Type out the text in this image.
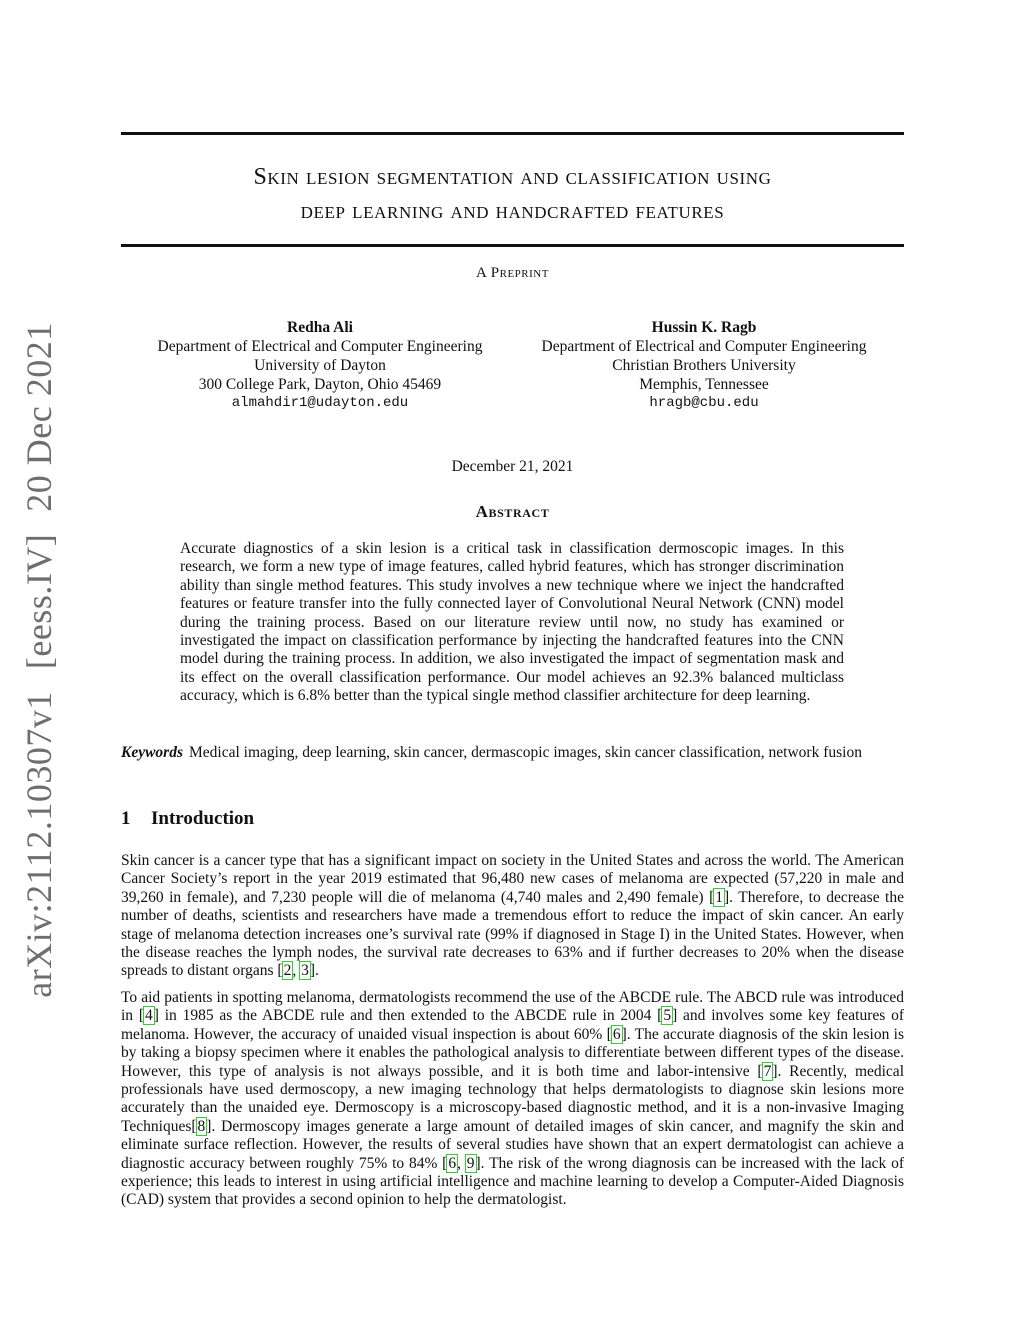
arXiv:2112.10307v1[eess.IV]20 Dec 2021
Skin lesion segmentation and classification using
deep learning and handcrafted features
A Preprint
Redha Ali
Department of Electrical and Computer Engineering
University of Dayton
300 College Park, Dayton, Ohio 45469
almahdir1@udayton.edu
Hussin K. Ragb
Department of Electrical and Computer Engineering
Christian Brothers University
Memphis, Tennessee
hragb@cbu.edu
December 21, 2021
Abstract
Accurate diagnostics of a skin lesion is a critical task in classification dermoscopic images. In this research, we form a new type of image features, called hybrid features, which has stronger discrimination ability than single method features. This study involves a new technique where we inject the handcrafted features or feature transfer into the fully connected layer of Convolutional Neural Network (CNN) model during the training process. Based on our literature review until now, no study has examined or investigated the impact on classification performance by injecting the handcrafted features into the CNN model during the training process. In addition, we also investigated the impact of segmentation mask and its effect on the overall classification performance. Our model achieves an 92.3% balanced multiclass accuracy, which is 6.8% better than the typical single method classifier architecture for deep learning.
Keywords Medical imaging, deep learning, skin cancer, dermascopic images, skin cancer classification, network fusion
1 Introduction
Skin cancer is a cancer type that has a significant impact on society in the United States and across the world. The American Cancer Society’s report in the year 2019 estimated that 96,480 new cases of melanoma are expected (57,220 in male and 39,260 in female), and 7,230 people will die of melanoma (4,740 males and 2,490 female) [1]. Therefore, to decrease the number of deaths, scientists and researchers have made a tremendous effort to reduce the impact of skin cancer. An early stage of melanoma detection increases one’s survival rate (99% if diagnosed in Stage I) in the United States. However, when the disease reaches the lymph nodes, the survival rate decreases to 63% and if further decreases to 20% when the disease spreads to distant organs [2, 3].
To aid patients in spotting melanoma, dermatologists recommend the use of the ABCDE rule. The ABCD rule was introduced in [4] in 1985 as the ABCDE rule and then extended to the ABCDE rule in 2004 [5] and involves some key features of melanoma. However, the accuracy of unaided visual inspection is about 60% [6]. The accurate diagnosis of the skin lesion is by taking a biopsy specimen where it enables the pathological analysis to differentiate between different types of the disease. However, this type of analysis is not always possible, and it is both time and labor-intensive [7]. Recently, medical professionals have used dermoscopy, a new imaging technology that helps dermatologists to diagnose skin lesions more accurately than the unaided eye. Dermoscopy is a microscopy-based diagnostic method, and it is a non-invasive Imaging Techniques[8]. Dermoscopy images generate a large amount of detailed images of skin cancer, and magnify the skin and eliminate surface reflection. However, the results of several studies have shown that an expert dermatologist can achieve a diagnostic accuracy between roughly 75% to 84% [6, 9]. The risk of the wrong diagnosis can be increased with the lack of experience; this leads to interest in using artificial intelligence and machine learning to develop a Computer-Aided Diagnosis (CAD) system that provides a second opinion to help the dermatologist.
